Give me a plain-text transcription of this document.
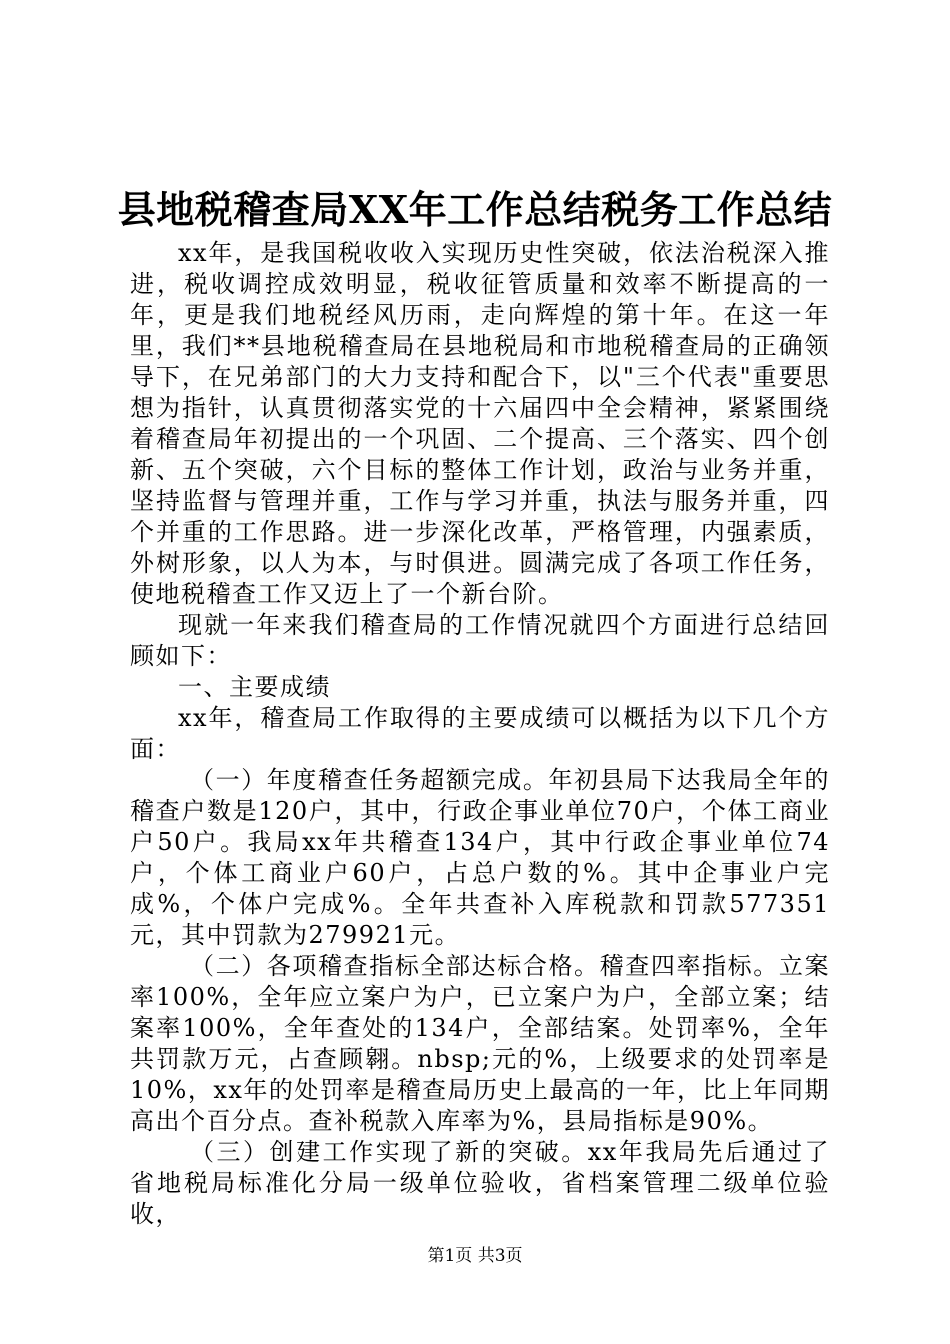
县地税稽查局XX年工作总结税务工作总结

xx年，是我国税收收入实现历史性突破，依法治税深入推进，税收调控成效明显，税收征管质量和效率不断提高的一年，更是我们地税经风历雨，走向辉煌的第十年。在这一年里，我们**县地税稽查局在县地税局和市地税稽查局的正确领导下，在兄弟部门的大力支持和配合下，以"三个代表"重要思想为指针，认真贯彻落实党的十六届四中全会精神，紧紧围绕着稽查局年初提出的一个巩固、二个提高、三个落实、四个创新、五个突破，六个目标的整体工作计划，政治与业务并重，坚持监督与管理并重，工作与学习并重，执法与服务并重，四个并重的工作思路。进一步深化改革，严格管理，内强素质，外树形象，以人为本，与时俱进。圆满完成了各项工作任务，使地税稽查工作又迈上了一个新台阶。

现就一年来我们稽查局的工作情况就四个方面进行总结回顾如下：

一、主要成绩

xx年，稽查局工作取得的主要成绩可以概括为以下几个方面：

（一）年度稽查任务超额完成。年初县局下达我局全年的稽查户数是120户，其中，行政企事业单位70户，个体工商业户50户。我局xx年共稽查134户，其中行政企事业单位74户，个体工商业户60户，占总户数的%。其中企事业户完成%，个体户完成%。全年共查补入库税款和罚款577351元，其中罚款为279921元。

（二）各项稽查指标全部达标合格。稽查四率指标。立案率100%，全年应立案户为户，已立案户为户，全部立案；结案率100%，全年查处的134户，全部结案。处罚率%，全年共罚款万元，占查顾翱。nbsp;元的%，上级要求的处罚率是10%，xx年的处罚率是稽查局历史上最高的一年，比上年同期高出个百分点。查补税款入库率为%，县局指标是90%。

（三）创建工作实现了新的突破。xx年我局先后通过了省地税局标准化分局一级单位验收，省档案管理二级单位验收，

第1页 共3页
